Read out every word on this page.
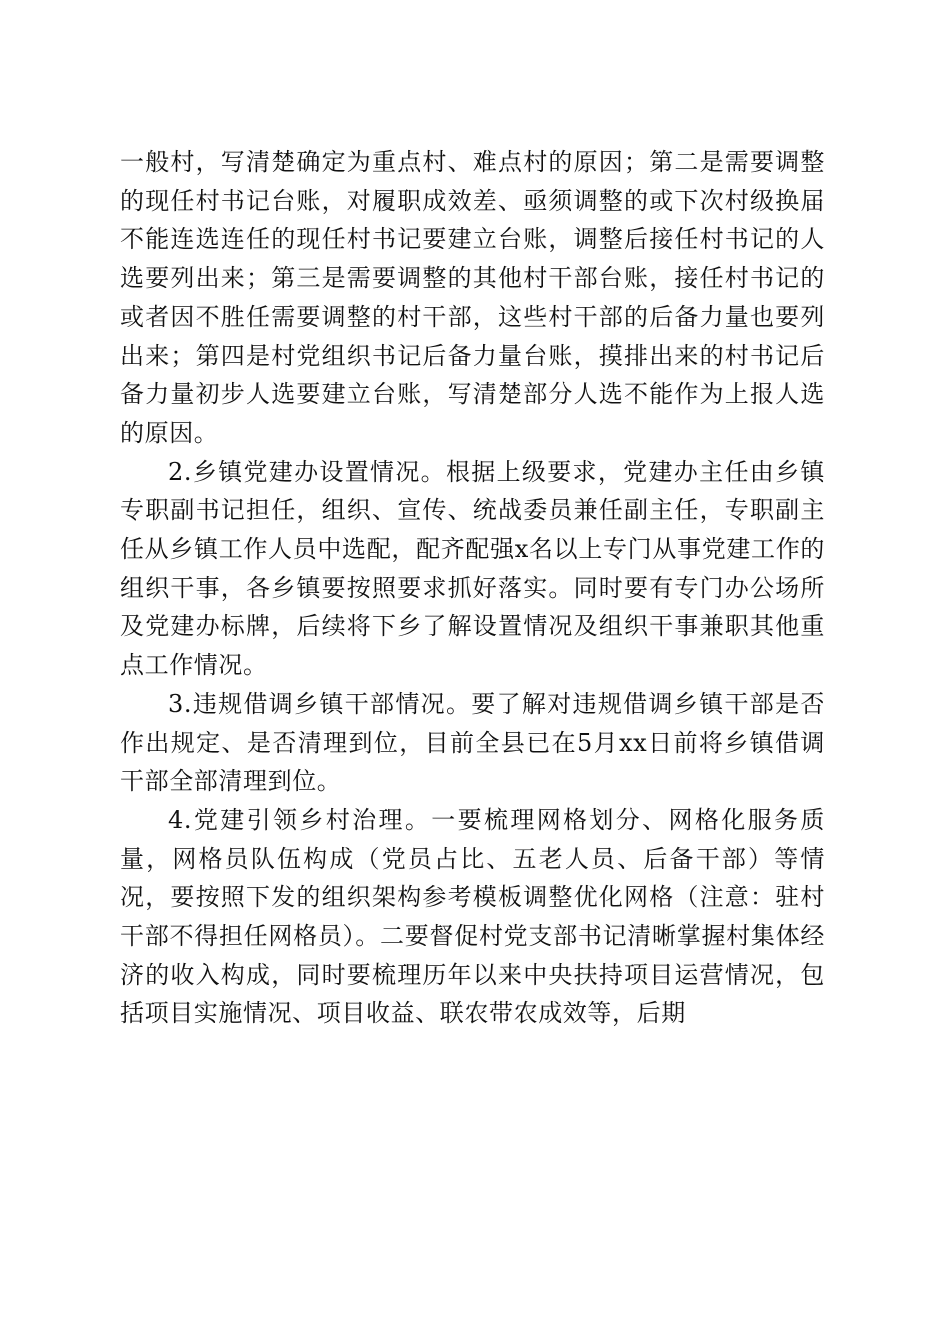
一般村，写清楚确定为重点村、难点村的原因；第二是需要调整的现任村书记台账，对履职成效差、亟须调整的或下次村级换届不能连选连任的现任村书记要建立台账，调整后接任村书记的人选要列出来；第三是需要调整的其他村干部台账，接任村书记的或者因不胜任需要调整的村干部，这些村干部的后备力量也要列出来；第四是村党组织书记后备力量台账，摸排出来的村书记后备力量初步人选要建立台账，写清楚部分人选不能作为上报人选的原因。

2.乡镇党建办设置情况。根据上级要求，党建办主任由乡镇专职副书记担任，组织、宣传、统战委员兼任副主任，专职副主任从乡镇工作人员中选配，配齐配强x名以上专门从事党建工作的组织干事，各乡镇要按照要求抓好落实。同时要有专门办公场所及党建办标牌，后续将下乡了解设置情况及组织干事兼职其他重点工作情况。

3.违规借调乡镇干部情况。要了解对违规借调乡镇干部是否作出规定、是否清理到位，目前全县已在5月xx日前将乡镇借调干部全部清理到位。

4.党建引领乡村治理。一要梳理网格划分、网格化服务质量，网格员队伍构成（党员占比、五老人员、后备干部）等情况，要按照下发的组织架构参考模板调整优化网格（注意：驻村干部不得担任网格员）。二要督促村党支部书记清晰掌握村集体经济的收入构成，同时要梳理历年以来中央扶持项目运营情况，包括项目实施情况、项目收益、联农带农成效等，后期
